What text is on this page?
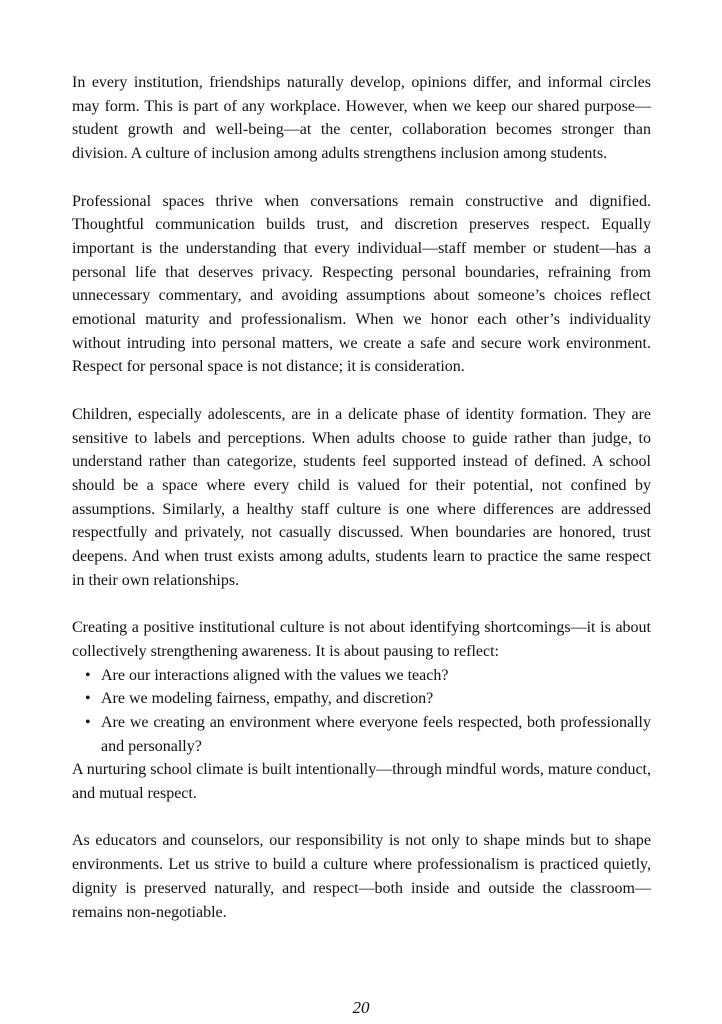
In every institution, friendships naturally develop, opinions differ, and informal circles may form. This is part of any workplace. However, when we keep our shared purpose—student growth and well-being—at the center, collaboration becomes stronger than division. A culture of inclusion among adults strengthens inclusion among students.

Professional spaces thrive when conversations remain constructive and dignified. Thoughtful communication builds trust, and discretion preserves respect. Equally important is the understanding that every individual—staff member or student—has a personal life that deserves privacy. Respecting personal boundaries, refraining from unnecessary commentary, and avoiding assumptions about someone’s choices reflect emotional maturity and professionalism. When we honor each other’s individuality without intruding into personal matters, we create a safe and secure work environment. Respect for personal space is not distance; it is consideration.

Children, especially adolescents, are in a delicate phase of identity formation. They are sensitive to labels and perceptions. When adults choose to guide rather than judge, to understand rather than categorize, students feel supported instead of defined. A school should be a space where every child is valued for their potential, not confined by assumptions. Similarly, a healthy staff culture is one where differences are addressed respectfully and privately, not casually discussed. When boundaries are honored, trust deepens. And when trust exists among adults, students learn to practice the same respect in their own relationships.

Creating a positive institutional culture is not about identifying shortcomings—it is about collectively strengthening awareness. It is about pausing to reflect:

• Are our interactions aligned with the values we teach?
• Are we modeling fairness, empathy, and discretion?
• Are we creating an environment where everyone feels respected, both professionally and personally?

A nurturing school climate is built intentionally—through mindful words, mature conduct, and mutual respect.

As educators and counselors, our responsibility is not only to shape minds but to shape environments. Let us strive to build a culture where professionalism is practiced quietly, dignity is preserved naturally, and respect—both inside and outside the classroom—remains non-negotiable.

20
